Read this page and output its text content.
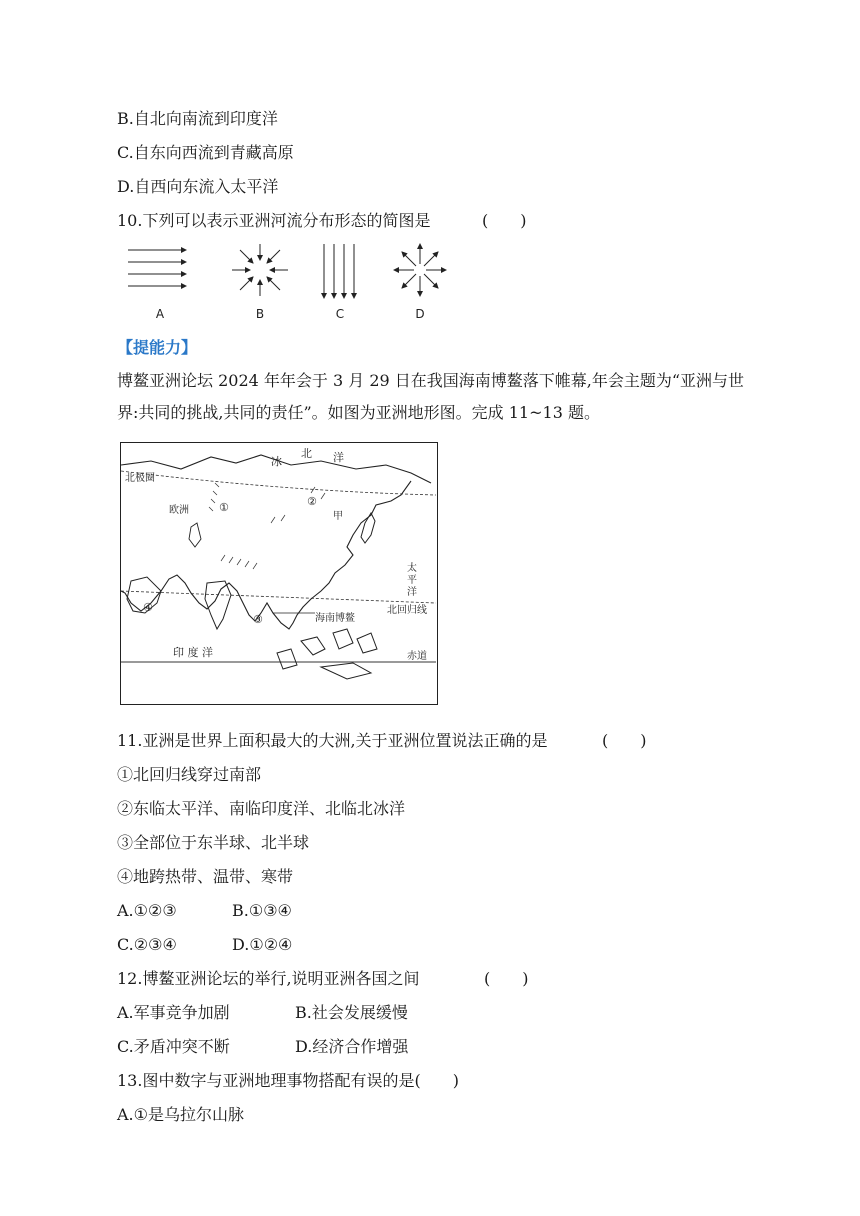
B.自北向南流到印度洋
C.自东向西流到青藏高原
D.自西向东流入太平洋
10.下列可以表示亚洲河流分布形态的简图是	(　　)
A	B	C	D
【提能力】
博鳌亚洲论坛 2024 年年会于 3 月 29 日在我国海南博鳌落下帷幕,年会主题为“亚洲与世
界:共同的挑战,共同的责任”。如图为亚洲地形图。完成 11~13 题。
北
冰	洋
北极圈
欧洲	①	②
甲
太
平
洋
北回归线
海南博鳌
④
③
印 度 洋	赤道
11.亚洲是世界上面积最大的大洲,关于亚洲位置说法正确的是	(　　)
①北回归线穿过南部
②东临太平洋、南临印度洋、北临北冰洋
③全部位于东半球、北半球
④地跨热带、温带、寒带
A.①②③	B.①③④
C.②③④	D.①②④
12.博鳌亚洲论坛的举行,说明亚洲各国之间	(　　)
A.军事竞争加剧	B.社会发展缓慢
C.矛盾冲突不断	D.经济合作增强
13.图中数字与亚洲地理事物搭配有误的是(　　)
A.①是乌拉尔山脉
